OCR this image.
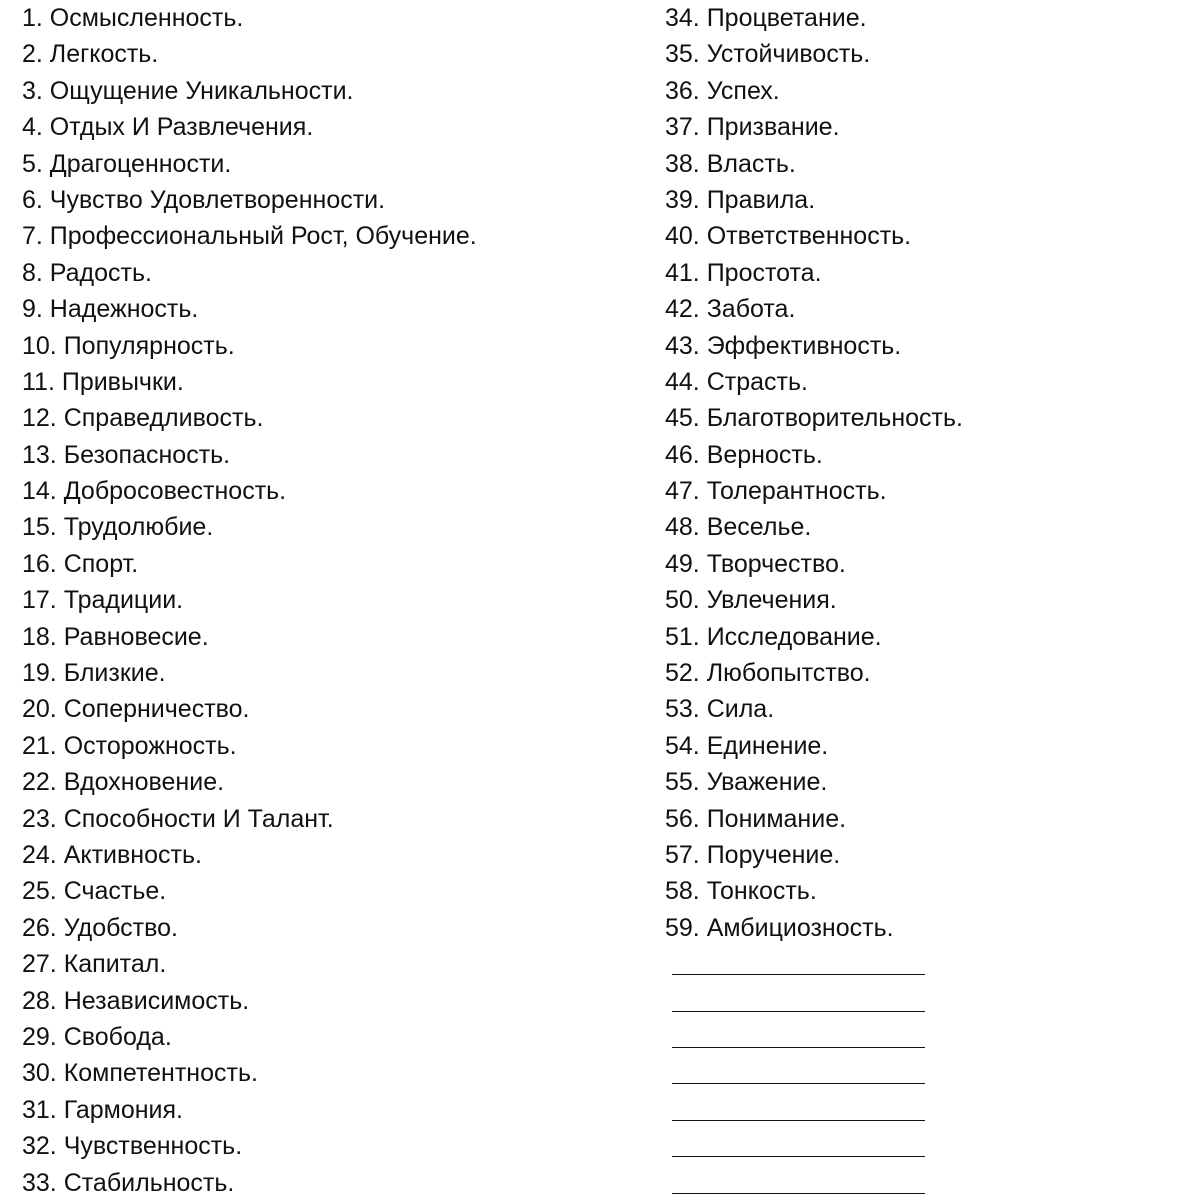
1. Осмысленность.
2. Легкость.
3. Ощущение Уникальности.
4. Отдых И Развлечения.
5. Драгоценности.
6. Чувство Удовлетворенности.
7. Профессиональный Рост, Обучение.
8. Радость.
9. Надежность.
10. Популярность.
11. Привычки.
12. Справедливость.
13. Безопасность.
14. Добросовестность.
15. Трудолюбие.
16. Спорт.
17. Традиции.
18. Равновесие.
19. Близкие.
20. Соперничество.
21. Осторожность.
22. Вдохновение.
23. Способности И Талант.
24. Активность.
25. Счастье.
26. Удобство.
27. Капитал.
28. Независимость.
29. Свобода.
30. Компетентность.
31. Гармония.
32. Чувственность.
33. Стабильность.
34. Процветание.
35. Устойчивость.
36. Успех.
37. Призвание.
38. Власть.
39. Правила.
40. Ответственность.
41. Простота.
42. Забота.
43. Эффективность.
44. Страсть.
45. Благотворительность.
46. Верность.
47. Толерантность.
48. Веселье.
49. Творчество.
50. Увлечения.
51. Исследование.
52. Любопытство.
53. Сила.
54. Единение.
55. Уважение.
56. Понимание.
57. Поручение.
58. Тонкость.
59. Амбициозность.
